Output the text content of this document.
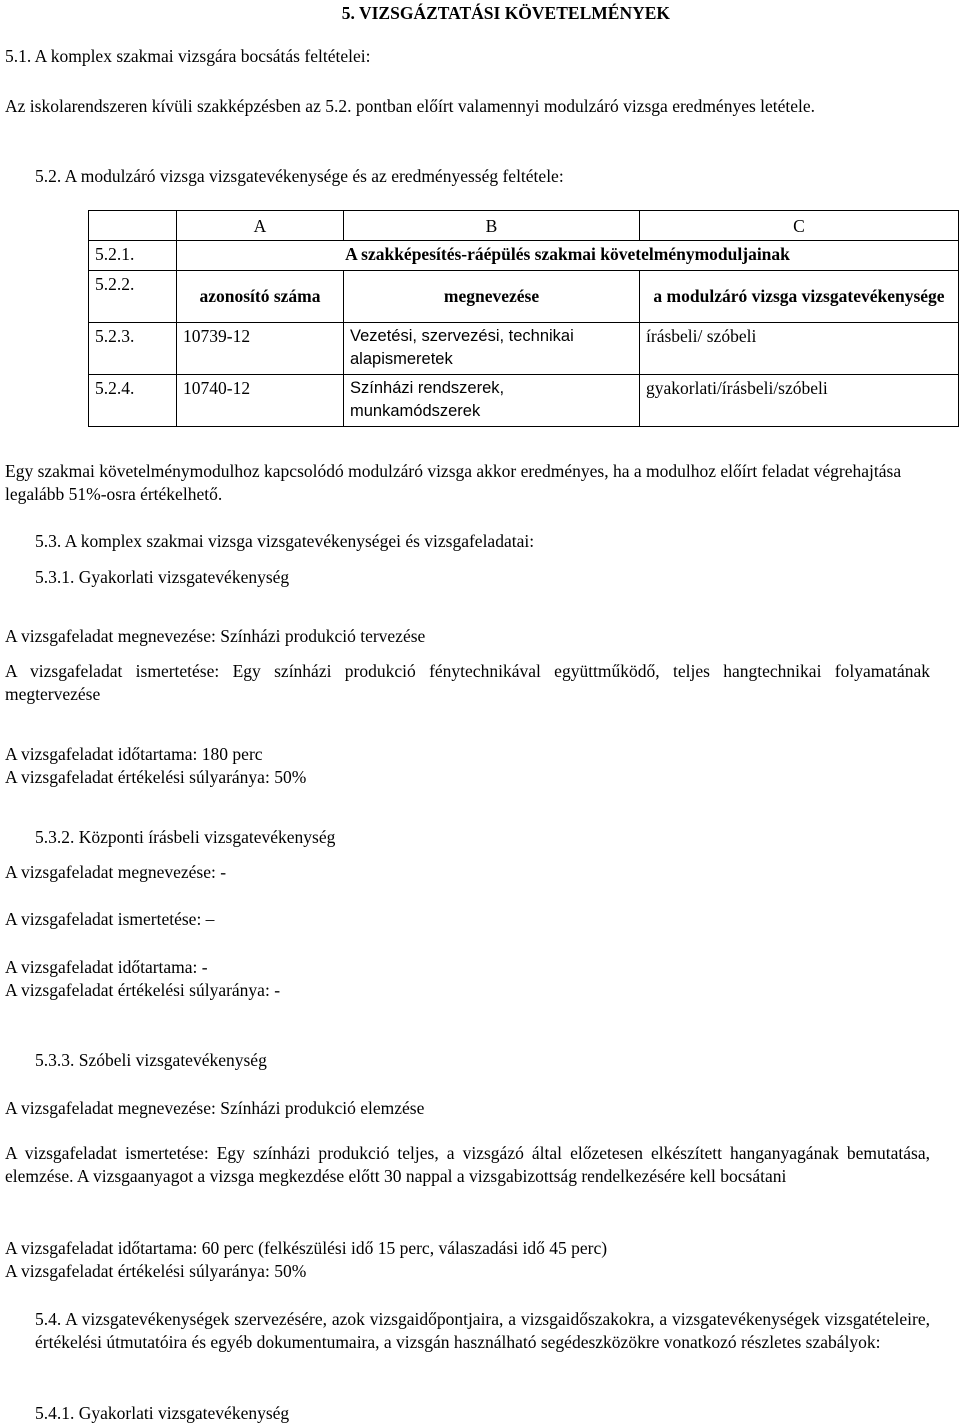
5. VIZSGÁZTATÁSI KÖVETELMÉNYEK
5.1. A komplex szakmai vizsgára bocsátás feltételei:
Az iskolarendszeren kívüli szakképzésben az 5.2. pontban előírt valamennyi modulzáró vizsga eredményes letétele.
5.2. A modulzáró vizsga vizsgatevékenysége és az eredményesség feltétele:
	A	B	C
5.2.1.	A szakképesítés-ráépülés szakmai követelménymoduljainak		
5.2.2.	azonosító száma	megnevezése	a modulzáró vizsga vizsgatevékenysége
5.2.3.	10739-12	Vezetési, szervezési, technikai alapismeretek	írásbeli/ szóbeli
5.2.4.	10740-12	Színházi rendszerek, munkamódszerek	gyakorlati/írásbeli/szóbeli
Egy szakmai követelménymodulhoz kapcsolódó modulzáró vizsga akkor eredményes, ha a modulhoz előírt feladat végrehajtása legalább 51%-osra értékelhető.
5.3. A komplex szakmai vizsga vizsgatevékenységei és vizsgafeladatai:
5.3.1. Gyakorlati vizsgatevékenység
A vizsgafeladat megnevezése: Színházi produkció tervezése
A vizsgafeladat ismertetése: Egy színházi produkció fénytechnikával együttműködő, teljes hangtechnikai folyamatának megtervezése
A vizsgafeladat időtartama: 180 perc
A vizsgafeladat értékelési súlyaránya: 50%
5.3.2. Központi írásbeli vizsgatevékenység
A vizsgafeladat megnevezése: -
A vizsgafeladat ismertetése: –
A vizsgafeladat időtartama: -
A vizsgafeladat értékelési súlyaránya: -
5.3.3. Szóbeli vizsgatevékenység
A vizsgafeladat megnevezése: Színházi produkció elemzése
A vizsgafeladat ismertetése: Egy színházi produkció teljes, a vizsgázó által előzetesen elkészített hanganyagának bemutatása, elemzése. A vizsgaanyagot a vizsga megkezdése előtt 30 nappal a vizsgabizottság rendelkezésére kell bocsátani
A vizsgafeladat időtartama: 60 perc (felkészülési idő 15 perc, válaszadási idő 45 perc)
A vizsgafeladat értékelési súlyaránya: 50%
5.4. A vizsgatevékenységek szervezésére, azok vizsgaidőpontjaira, a vizsgaidőszakokra, a vizsgatevékenységek vizsgatételeire, értékelési útmutatóira és egyéb dokumentumaira, a vizsgán használható segédeszközökre vonatkozó részletes szabályok:
5.4.1. Gyakorlati vizsgatevékenység
